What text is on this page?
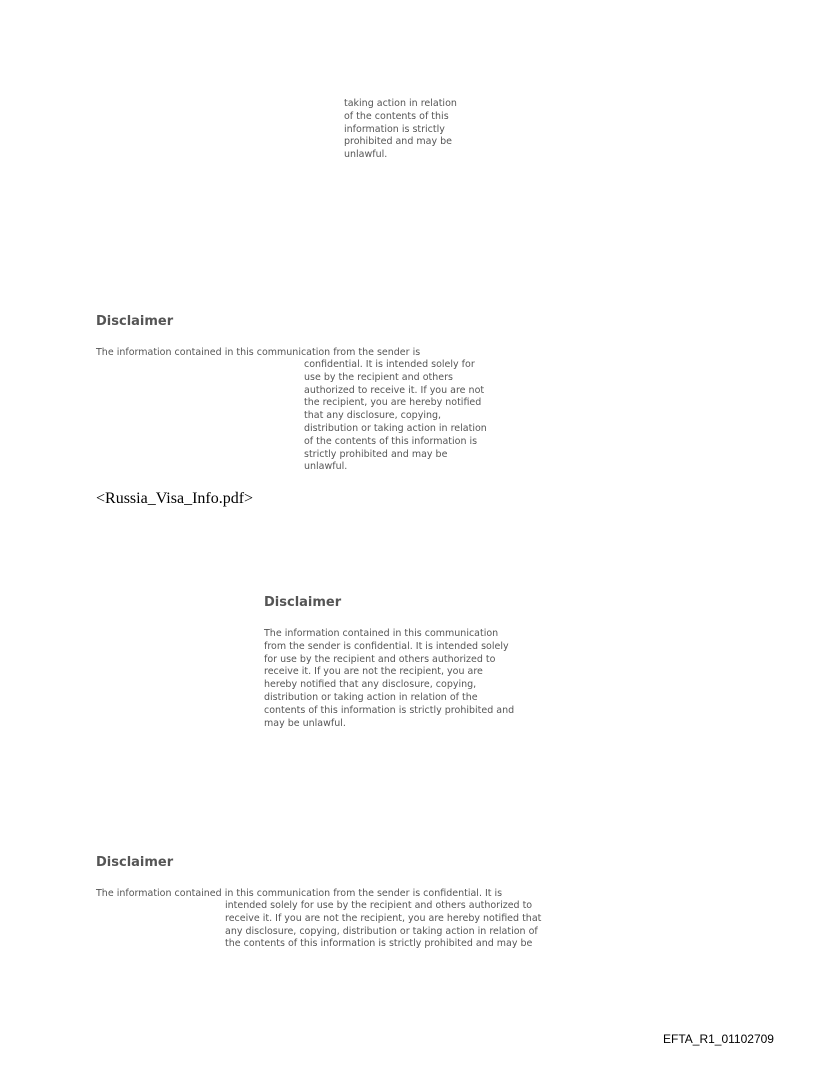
taking action in relation
of the contents of this
information is strictly
prohibited and may be
unlawful.
Disclaimer
The information contained in this communication from the sender is
confidential. It is intended solely for
use by the recipient and others
authorized to receive it. If you are not
the recipient, you are hereby notified
that any disclosure, copying,
distribution or taking action in relation
of the contents of this information is
strictly prohibited and may be
unlawful.
<Russia_Visa_Info.pdf>
Disclaimer
The information contained in this communication
from the sender is confidential. It is intended solely
for use by the recipient and others authorized to
receive it. If you are not the recipient, you are
hereby notified that any disclosure, copying,
distribution or taking action in relation of the
contents of this information is strictly prohibited and
may be unlawful.
Disclaimer
The information contained in this communication from the sender is confidential. It is
intended solely for use by the recipient and others authorized to
receive it. If you are not the recipient, you are hereby notified that
any disclosure, copying, distribution or taking action in relation of
the contents of this information is strictly prohibited and may be
EFTA_R1_01102709
